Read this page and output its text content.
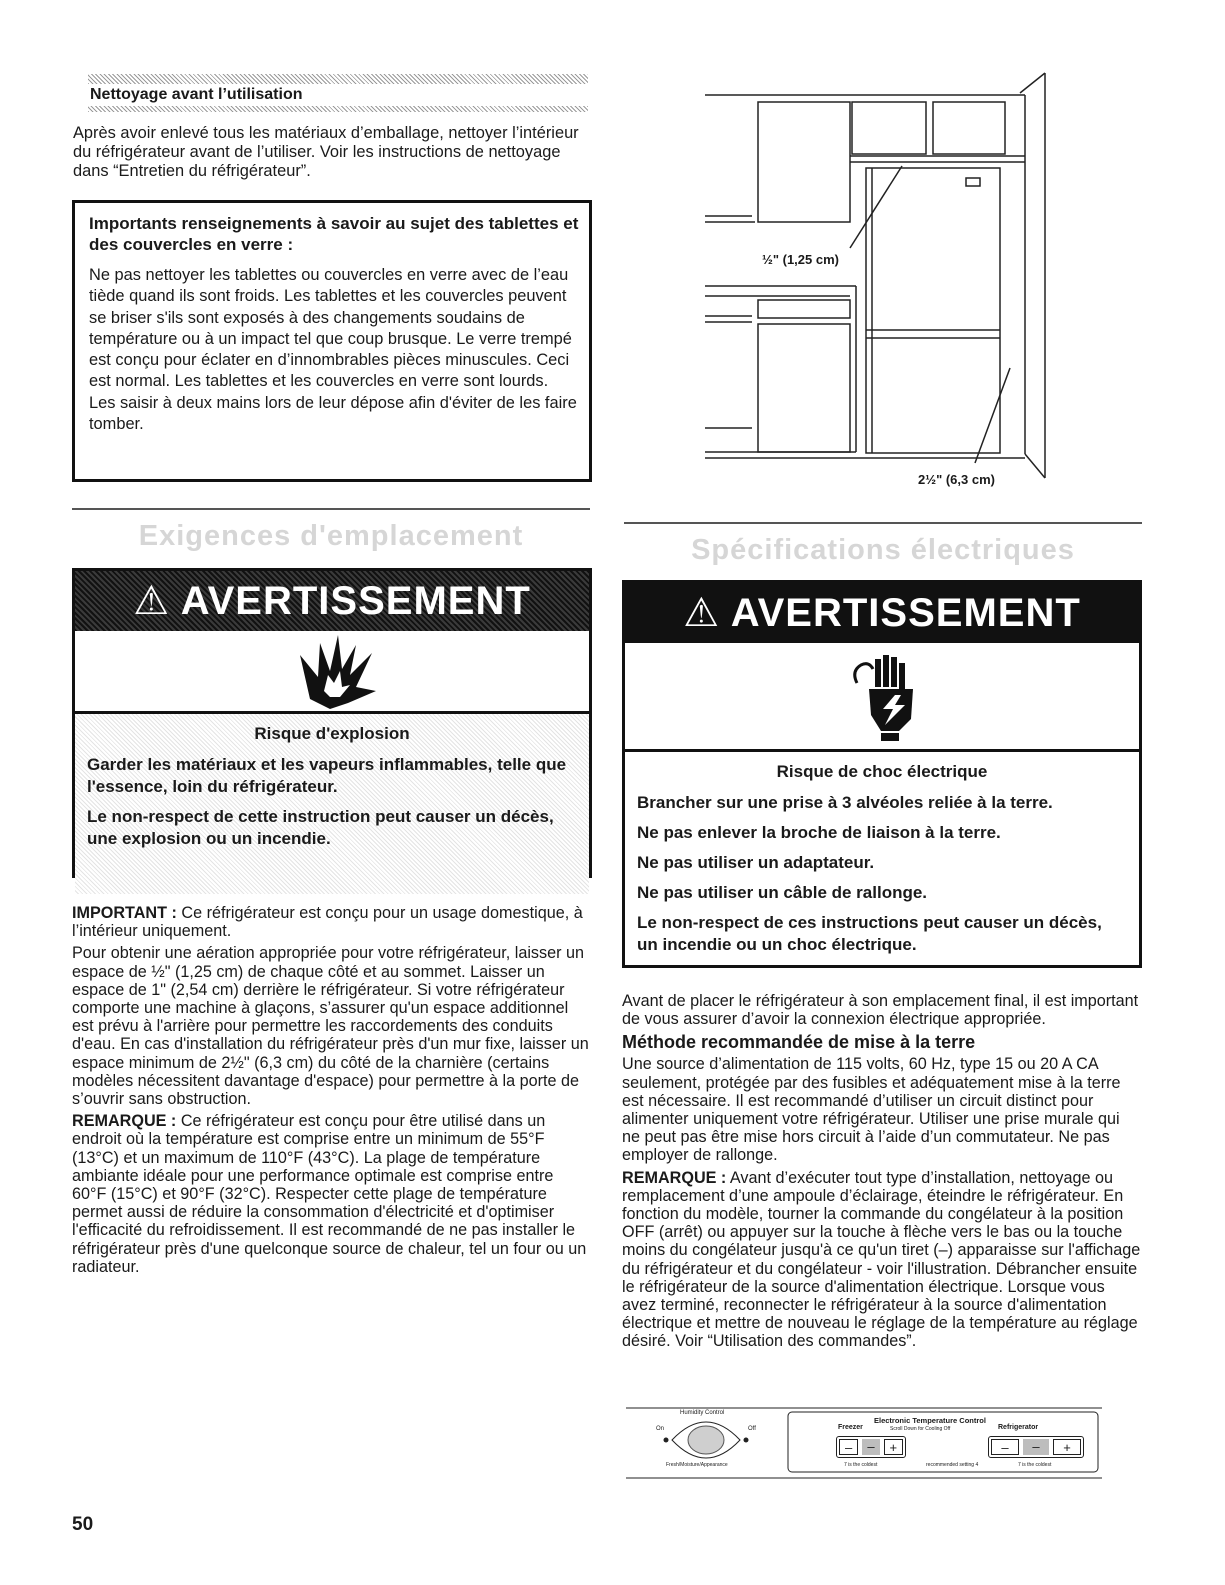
Nettoyage avant l’utilisation

Après avoir enlevé tous les matériaux d’emballage, nettoyer l’intérieur du réfrigérateur avant de l’utiliser. Voir les instructions de nettoyage dans “Entretien du réfrigérateur”.

Importants renseignements à savoir au sujet des tablettes et des couvercles en verre :

Ne pas nettoyer les tablettes ou couvercles en verre avec de l’eau tiède quand ils sont froids. Les tablettes et les couvercles peuvent se briser s'ils sont exposés à des changements soudains de température ou à un impact tel que coup brusque. Le verre trempé est conçu pour éclater en d’innombrables pièces minuscules. Ceci est normal. Les tablettes et les couvercles en verre sont lourds. Les saisir à deux mains lors de leur dépose afin d'éviter de les faire tomber.

½" (1,25 cm)
2½" (6,3 cm)
Exigences d'emplacement
⚠ AVERTISSEMENT
Risque d'explosion
Garder les matériaux et les vapeurs inflammables, telle que l'essence, loin du réfrigérateur.
Le non-respect de cette instruction peut causer un décès, une explosion ou un incendie.

IMPORTANT : Ce réfrigérateur est conçu pour un usage domestique, à l’intérieur uniquement.

Pour obtenir une aération appropriée pour votre réfrigérateur, laisser un espace de ½" (1,25 cm) de chaque côté et au sommet. Laisser un espace de 1" (2,54 cm) derrière le réfrigérateur. Si votre réfrigérateur comporte une machine à glaçons, s’assurer qu'un espace additionnel est prévu à l'arrière pour permettre les raccordements des conduits d'eau. En cas d'installation du réfrigérateur près d'un mur fixe, laisser un espace minimum de 2½" (6,3 cm) du côté de la charnière (certains modèles nécessitent davantage d'espace) pour permettre à la porte de s’ouvrir sans obstruction.

REMARQUE : Ce réfrigérateur est conçu pour être utilisé dans un endroit où la température est comprise entre un minimum de 55°F (13°C) et un maximum de 110°F (43°C). La plage de température ambiante idéale pour une performance optimale est comprise entre 60°F (15°C) et 90°F (32°C). Respecter cette plage de température permet aussi de réduire la consommation d'électricité et d'optimiser l'efficacité du refroidissement. Il est recommandé de ne pas installer le réfrigérateur près d'une quelconque source de chaleur, tel un four ou un radiateur.

Spécifications électriques
⚠ AVERTISSEMENT
Risque de choc électrique
Brancher sur une prise à 3 alvéoles reliée à la terre.
Ne pas enlever la broche de liaison à la terre.
Ne pas utiliser un adaptateur.
Ne pas utiliser un câble de rallonge.
Le non-respect de ces instructions peut causer un décès, un incendie ou un choc électrique.

Avant de placer le réfrigérateur à son emplacement final, il est important de vous assurer d’avoir la connexion électrique appropriée.

Méthode recommandée de mise à la terre

Une source d’alimentation de 115 volts, 60 Hz, type 15 ou 20 A CA seulement, protégée par des fusibles et adéquatement mise à la terre est nécessaire. Il est recommandé d’utiliser un circuit distinct pour alimenter uniquement votre réfrigérateur. Utiliser une prise murale qui ne peut pas être mise hors circuit à l’aide d’un commutateur. Ne pas employer de rallonge.

REMARQUE : Avant d’exécuter tout type d’installation, nettoyage ou remplacement d’une ampoule d’éclairage, éteindre le réfrigérateur. En fonction du modèle, tourner la commande du congélateur à la position OFF (arrêt) ou appuyer sur la touche à flèche vers le bas ou la touche moins du congélateur jusqu'à ce qu'un tiret (–) apparaisse sur l'affichage du réfrigérateur et du congélateur - voir l'illustration. Débrancher ensuite le réfrigérateur de la source d'alimentation électrique. Lorsque vous avez terminé, reconnecter le réfrigérateur à la source d'alimentation électrique et mettre de nouveau le réglage de la température au réglage désiré. Voir “Utilisation des commandes”.

Humidity Control
On	Off
Fresh/Moisture/Appearance
Electronic Temperature Control
Freezer	Scroll Down for Cooling Off	Refrigerator
–	–	+	–	–	+
7 is the coldest	recommended setting 4	7 is the coldest
50
